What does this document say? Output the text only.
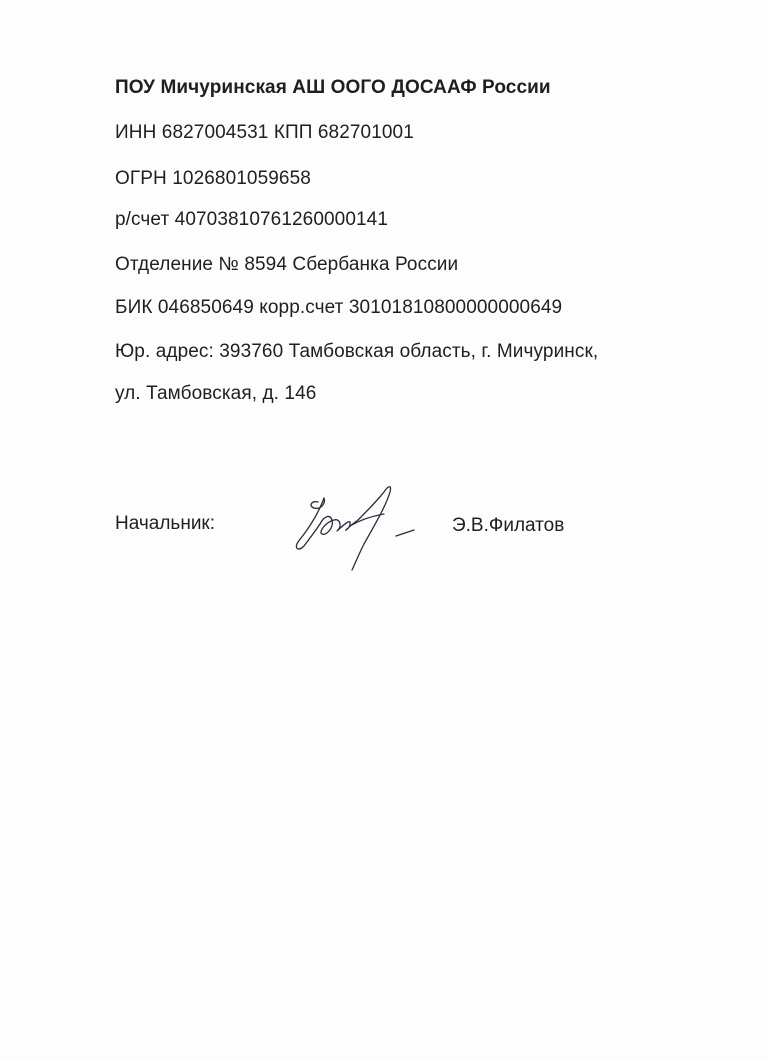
ПОУ Мичуринская АШ ООГО ДОСААФ России
ИНН 6827004531 КПП 682701001
ОГРН 1026801059658
р/счет 40703810761260000141
Отделение № 8594 Сбербанка России
БИК 046850649 корр.счет 30101810800000000649
Юр. адрес: 393760 Тамбовская область, г. Мичуринск,
ул. Тамбовская, д. 146
Начальник:	Э.В.Филатов
